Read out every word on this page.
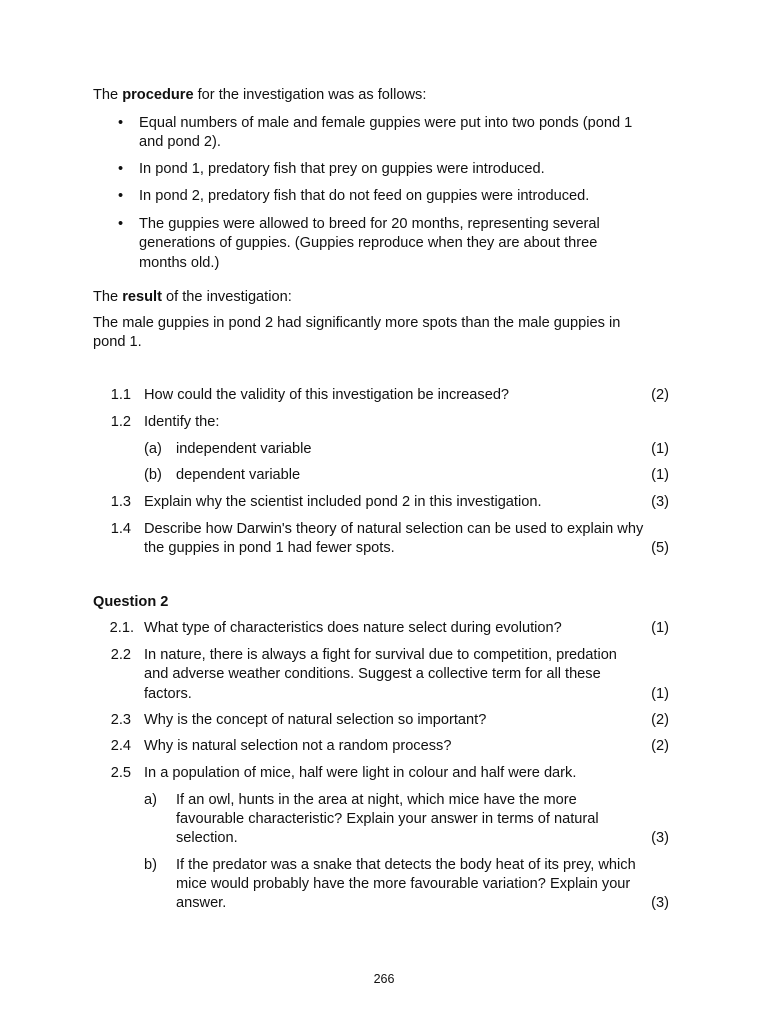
The procedure for the investigation was as follows:
• Equal numbers of male and female guppies were put into two ponds (pond 1
and pond 2).
• In pond 1, predatory fish that prey on guppies were introduced.
• In pond 2, predatory fish that do not feed on guppies were introduced.
• The guppies were allowed to breed for 20 months, representing several
generations of guppies. (Guppies reproduce when they are about three
months old.)
The result of the investigation:
The male guppies in pond 2 had significantly more spots than the male guppies in
pond 1.
1.1 How could the validity of this investigation be increased?	(2)
1.2 Identify the:
(a) independent variable	(1)
(b) dependent variable	(1)
1.3 Explain why the scientist included pond 2 in this investigation.	(3)
1.4 Describe how Darwin's theory of natural selection can be used to explain why
the guppies in pond 1 had fewer spots.	(5)
Question 2
2.1. What type of characteristics does nature select during evolution?	(1)
2.2 In nature, there is always a fight for survival due to competition, predation
and adverse weather conditions. Suggest a collective term for all these
factors.	(1)
2.3 Why is the concept of natural selection so important?	(2)
2.4 Why is natural selection not a random process?	(2)
2.5 In a population of mice, half were light in colour and half were dark.
a) If an owl, hunts in the area at night, which mice have the more
favourable characteristic? Explain your answer in terms of natural
selection.	(3)
b) If the predator was a snake that detects the body heat of its prey, which
mice would probably have the more favourable variation? Explain your
answer.	(3)
266
